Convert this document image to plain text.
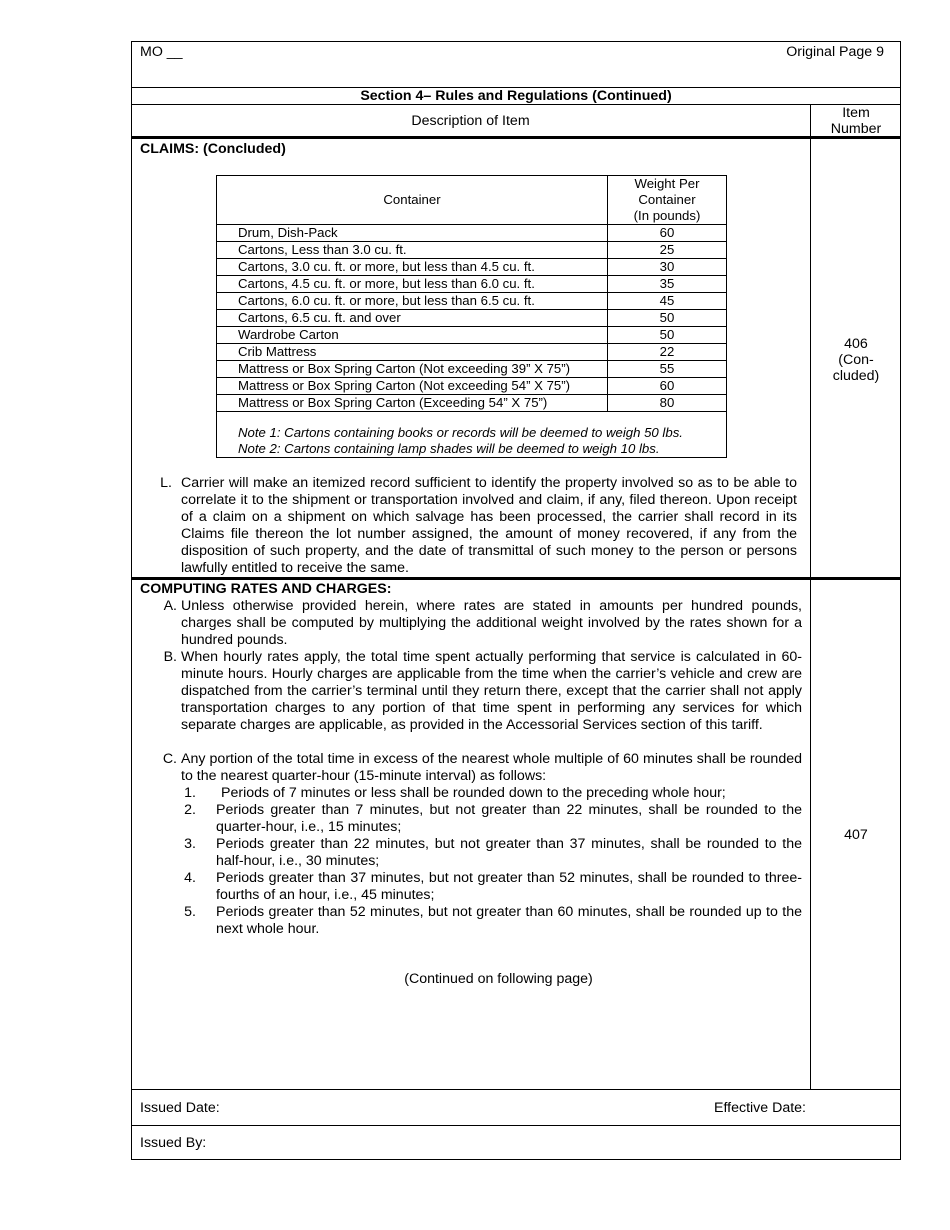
MO __	Original Page 9
Section 4– Rules and Regulations (Continued)
Description of Item	Item
Number
CLAIMS: (Concluded)
Container	Weight Per
Container
(In pounds)

Drum, Dish-Pack	60
Cartons, Less than 3.0 cu. ft.	25
Cartons, 3.0 cu. ft. or more, but less than 4.5 cu. ft.	30
Cartons, 4.5 cu. ft. or more, but less than 6.0 cu. ft.	35
Cartons, 6.0 cu. ft. or more, but less than 6.5 cu. ft.	45
Cartons, 6.5 cu. ft. and over	50
Wardrobe Carton	50
Crib Mattress	22
Mattress or Box Spring Carton (Not exceeding 39” X 75”)	55
Mattress or Box Spring Carton (Not exceeding 54” X 75”)	60
Mattress or Box Spring Carton (Exceeding 54” X 75”)	80
Note 1: Cartons containing books or records will be deemed to weigh 50 lbs.
Note 2: Cartons containing lamp shades will be deemed to weigh 10 lbs.
L. Carrier will make an itemized record sufficient to identify the property involved so as to be able to correlate it to the shipment or transportation involved and claim, if any, filed thereon. Upon receipt of a claim on a shipment on which salvage has been processed, the carrier shall record in its Claims file thereon the lot number assigned, the amount of money recovered, if any from the disposition of such property, and the date of transmittal of such money to the person or persons lawfully entitled to receive the same.
406
(Con-
cluded)
COMPUTING RATES AND CHARGES:
A. Unless otherwise provided herein, where rates are stated in amounts per hundred pounds, charges shall be computed by multiplying the additional weight involved by the rates shown for a hundred pounds.
B. When hourly rates apply, the total time spent actually performing that service is calculated in 60-minute hours. Hourly charges are applicable from the time when the carrier’s vehicle and crew are dispatched from the carrier’s terminal until they return there, except that the carrier shall not apply transportation charges to any portion of that time spent in performing any services for which separate charges are applicable, as provided in the Accessorial Services section of this tariff.
C. Any portion of the total time in excess of the nearest whole multiple of 60 minutes shall be rounded to the nearest quarter-hour (15-minute interval) as follows:
1. Periods of 7 minutes or less shall be rounded down to the preceding whole hour;
2. Periods greater than 7 minutes, but not greater than 22 minutes, shall be rounded to the quarter-hour, i.e., 15 minutes;
3. Periods greater than 22 minutes, but not greater than 37 minutes, shall be rounded to the half-hour, i.e., 30 minutes;
4. Periods greater than 37 minutes, but not greater than 52 minutes, shall be rounded to three-fourths of an hour, i.e., 45 minutes;
5. Periods greater than 52 minutes, but not greater than 60 minutes, shall be rounded up to the next whole hour.
(Continued on following page)
407
Issued Date:	Effective Date:
Issued By:
